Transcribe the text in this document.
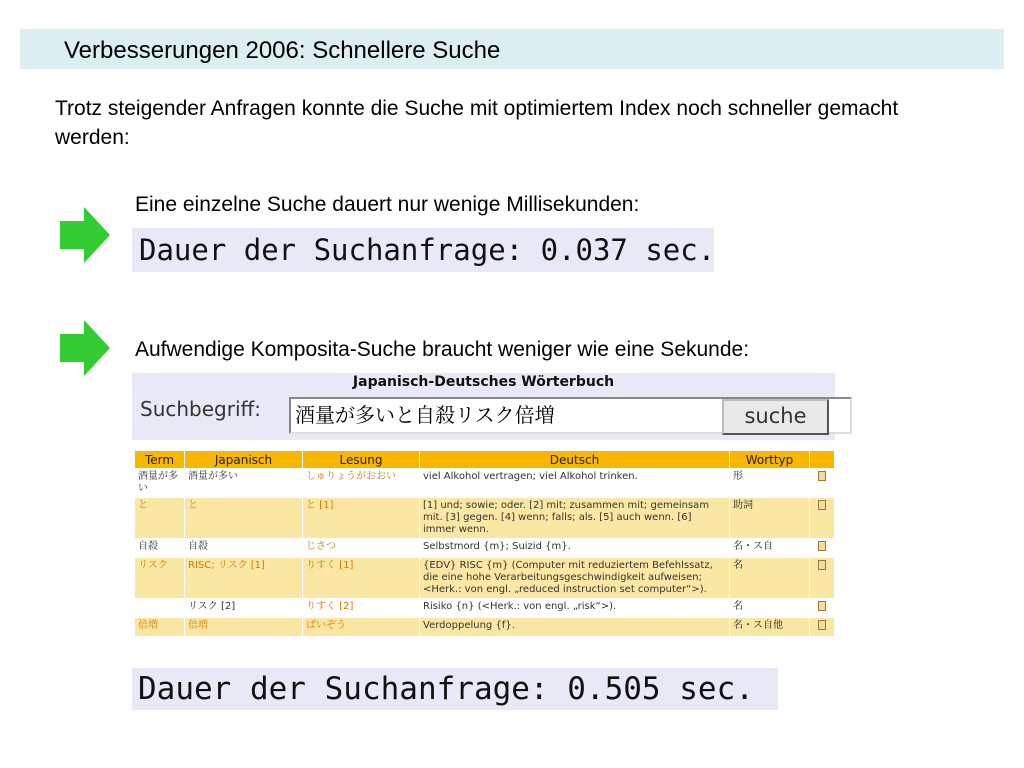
Verbesserungen 2006: Schnellere Suche
Trotz steigender Anfragen konnte die Suche mit optimiertem Index noch schneller gemacht werden:
Eine einzelne Suche dauert nur wenige Millisekunden:
Dauer der Suchanfrage: 0.037 sec.
Aufwendige Komposita-Suche braucht weniger wie eine Sekunde:
Japanisch-Deutsches Wörterbuch
Suchbegriff:	酒量が多いと自殺リスク倍増	suche
Term	Japanisch	Lesung	Deutsch	Worttyp	
酒量が多い	酒量が多い	しゅりょうがおおい	viel Alkohol vertragen; viel Alkohol trinken.	形	
と	と	と [1]	[1] und; sowie; oder. [2] mit; zusammen mit; gemeinsam mit. [3] gegen. [4] wenn; falls; als. [5] auch wenn. [6] immer wenn.	助詞	
自殺	自殺	じさつ	Selbstmord {m}; Suizid {m}.	名・ス自	
リスク	RISC; リスク [1]	りすく [1]	{EDV} RISC {m} (Computer mit reduziertem Befehlssatz, die eine hohe Verarbeitungsgeschwindigkeit aufweisen; <Herk.: von engl. „reduced instruction set computer“>).	名	
	リスク [2]	りすく [2]	Risiko {n} (<Herk.: von engl. „risk“>).	名	
倍増	倍増	ばいぞう	Verdoppelung {f}.	名・ス自他	
Dauer der Suchanfrage: 0.505 sec.
